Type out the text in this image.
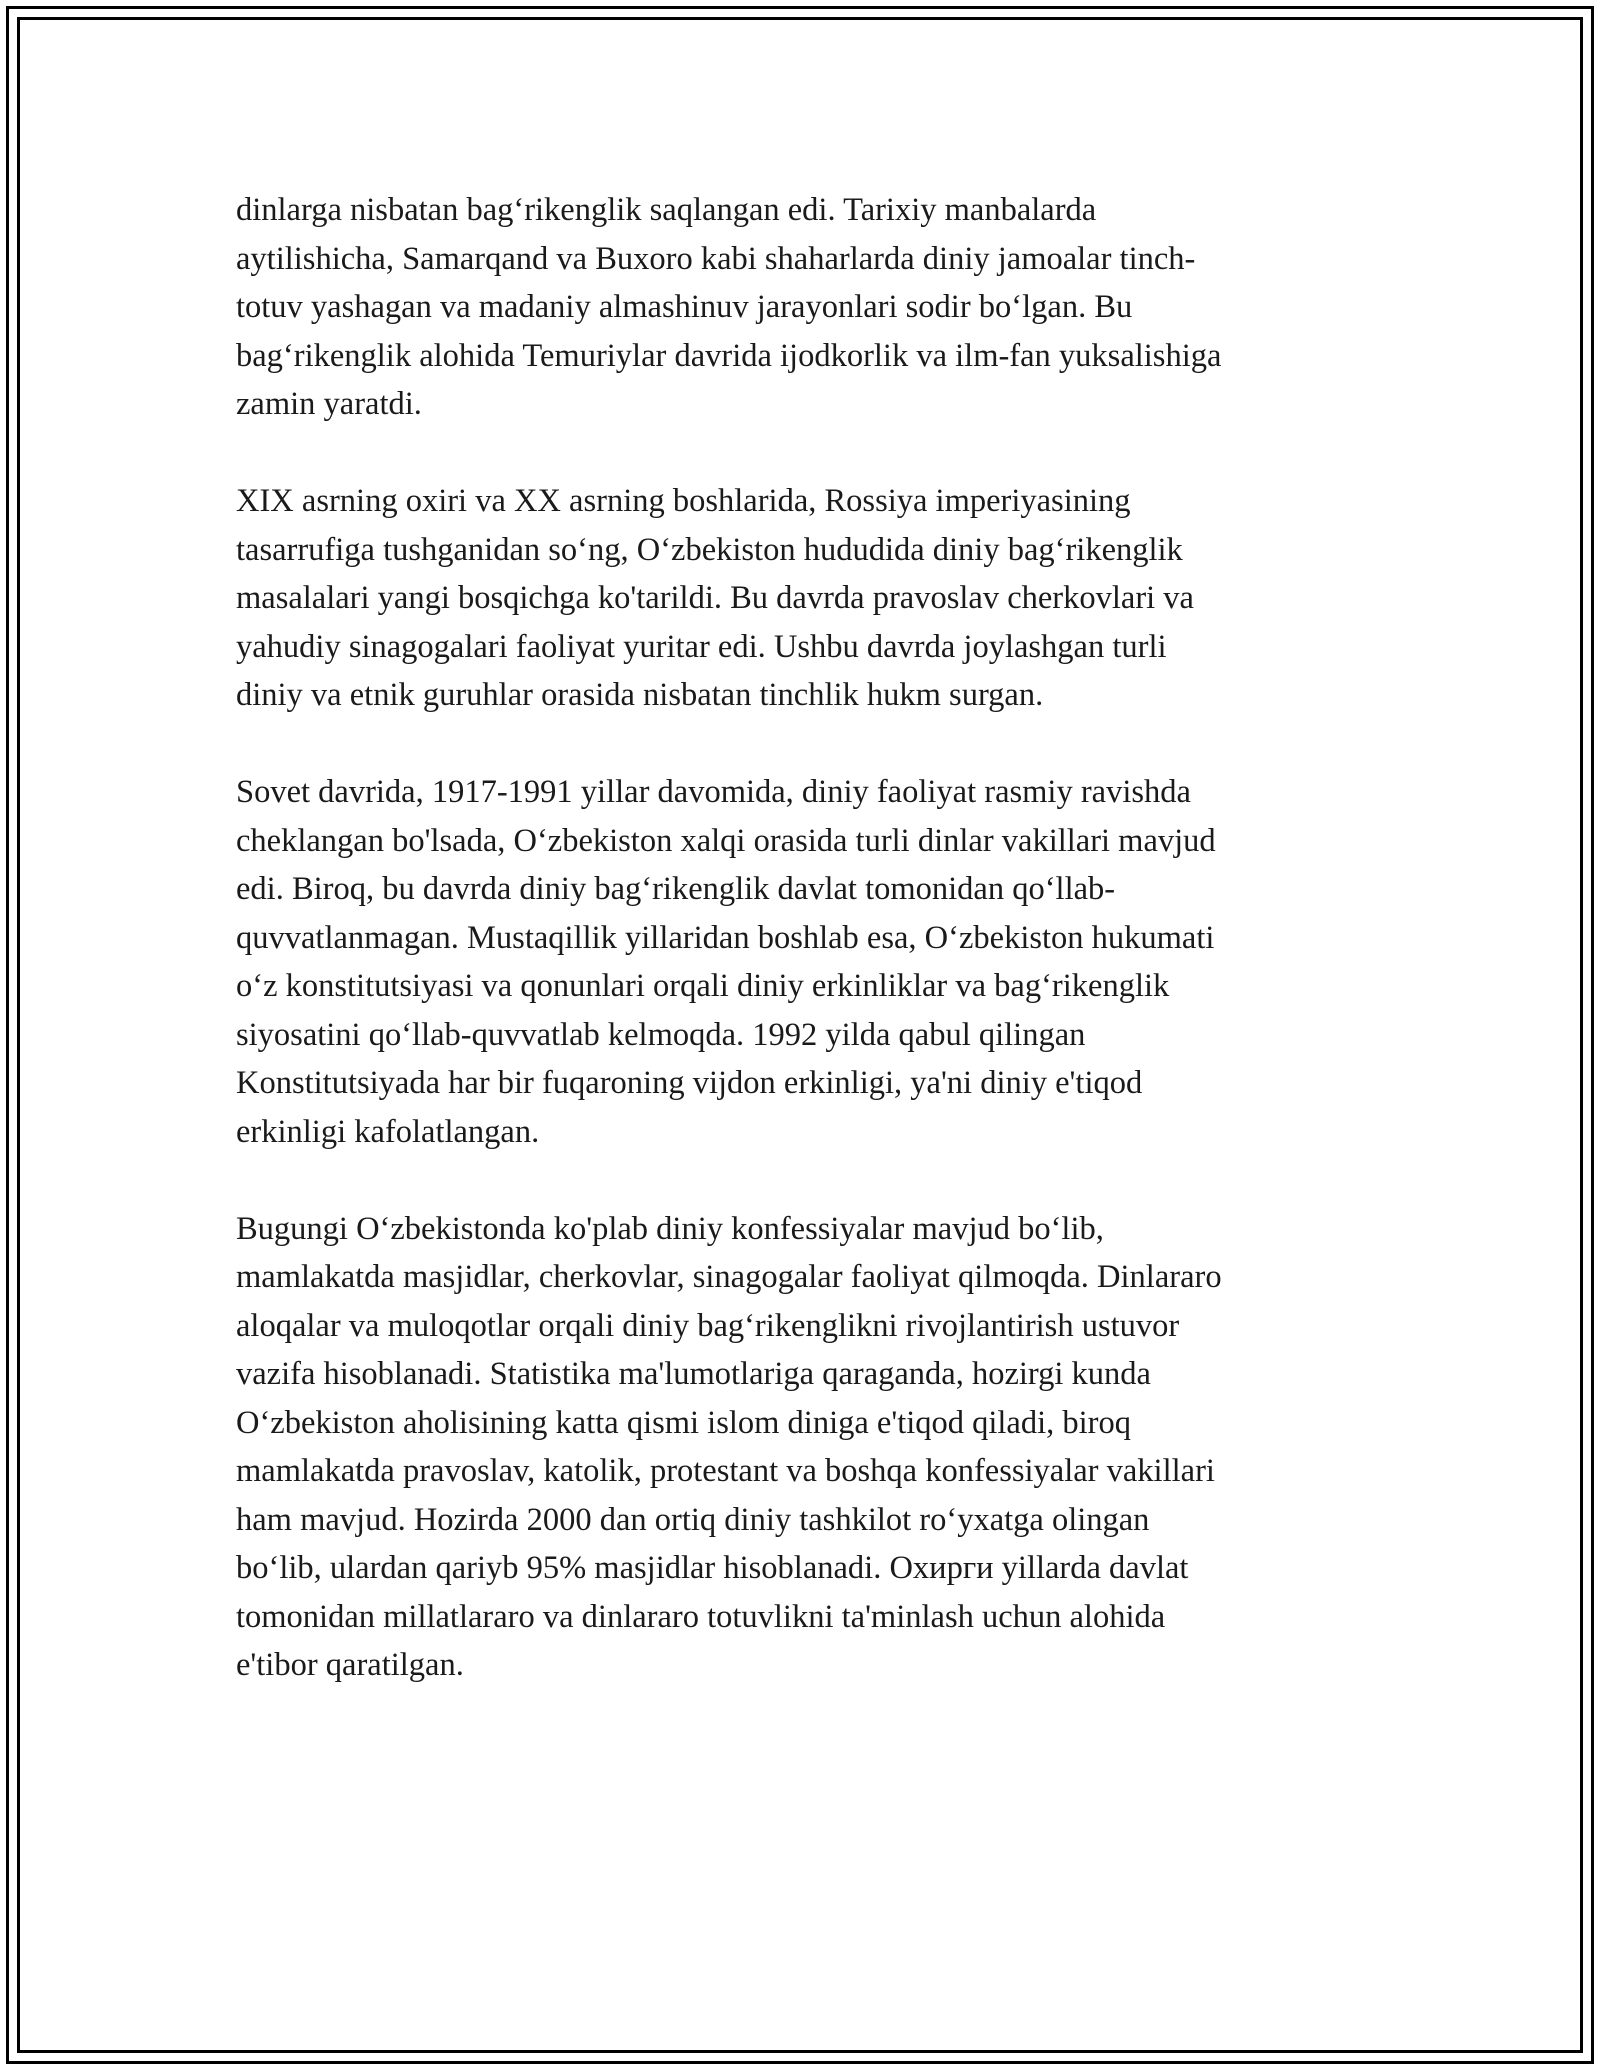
dinlarga nisbatan bag‘rikenglik saqlangan edi. Tarixiy manbalarda
aytilishicha, Samarqand va Buxoro kabi shaharlarda diniy jamoalar tinch-
totuv yashagan va madaniy almashinuv jarayonlari sodir bo‘lgan. Bu
bag‘rikenglik alohida Temuriylar davrida ijodkorlik va ilm-fan yuksalishiga
zamin yaratdi.

XIX asrning oxiri va XX asrning boshlarida, Rossiya imperiyasining
tasarrufiga tushganidan so‘ng, O‘zbekiston hududida diniy bag‘rikenglik
masalalari yangi bosqichga ko'tarildi. Bu davrda pravoslav cherkovlari va
yahudiy sinagogalari faoliyat yuritar edi. Ushbu davrda joylashgan turli
diniy va etnik guruhlar orasida nisbatan tinchlik hukm surgan.

Sovet davrida, 1917-1991 yillar davomida, diniy faoliyat rasmiy ravishda
cheklangan bo'lsada, O‘zbekiston xalqi orasida turli dinlar vakillari mavjud
edi. Biroq, bu davrda diniy bag‘rikenglik davlat tomonidan qo‘llab-
quvvatlanmagan. Mustaqillik yillaridan boshlab esa, O‘zbekiston hukumati
o‘z konstitutsiyasi va qonunlari orqali diniy erkinliklar va bag‘rikenglik
siyosatini qo‘llab-quvvatlab kelmoqda. 1992 yilda qabul qilingan
Konstitutsiyada har bir fuqaroning vijdon erkinligi, ya'ni diniy e'tiqod
erkinligi kafolatlangan.

Bugungi O‘zbekistonda ko'plab diniy konfessiyalar mavjud bo‘lib,
mamlakatda masjidlar, cherkovlar, sinagogalar faoliyat qilmoqda. Dinlararo
aloqalar va muloqotlar orqali diniy bag‘rikenglikni rivojlantirish ustuvor
vazifa hisoblanadi. Statistika ma'lumotlariga qaraganda, hozirgi kunda
O‘zbekiston aholisining katta qismi islom diniga e'tiqod qiladi, biroq
mamlakatda pravoslav, katolik, protestant va boshqa konfessiyalar vakillari
ham mavjud. Hozirda 2000 dan ortiq diniy tashkilot ro‘yxatga olingan
bo‘lib, ulardan qariyb 95% masjidlar hisoblanadi. Охирги yillarda davlat
tomonidan millatlararo va dinlararo totuvlikni ta'minlash uchun alohida
e'tibor qaratilgan.
